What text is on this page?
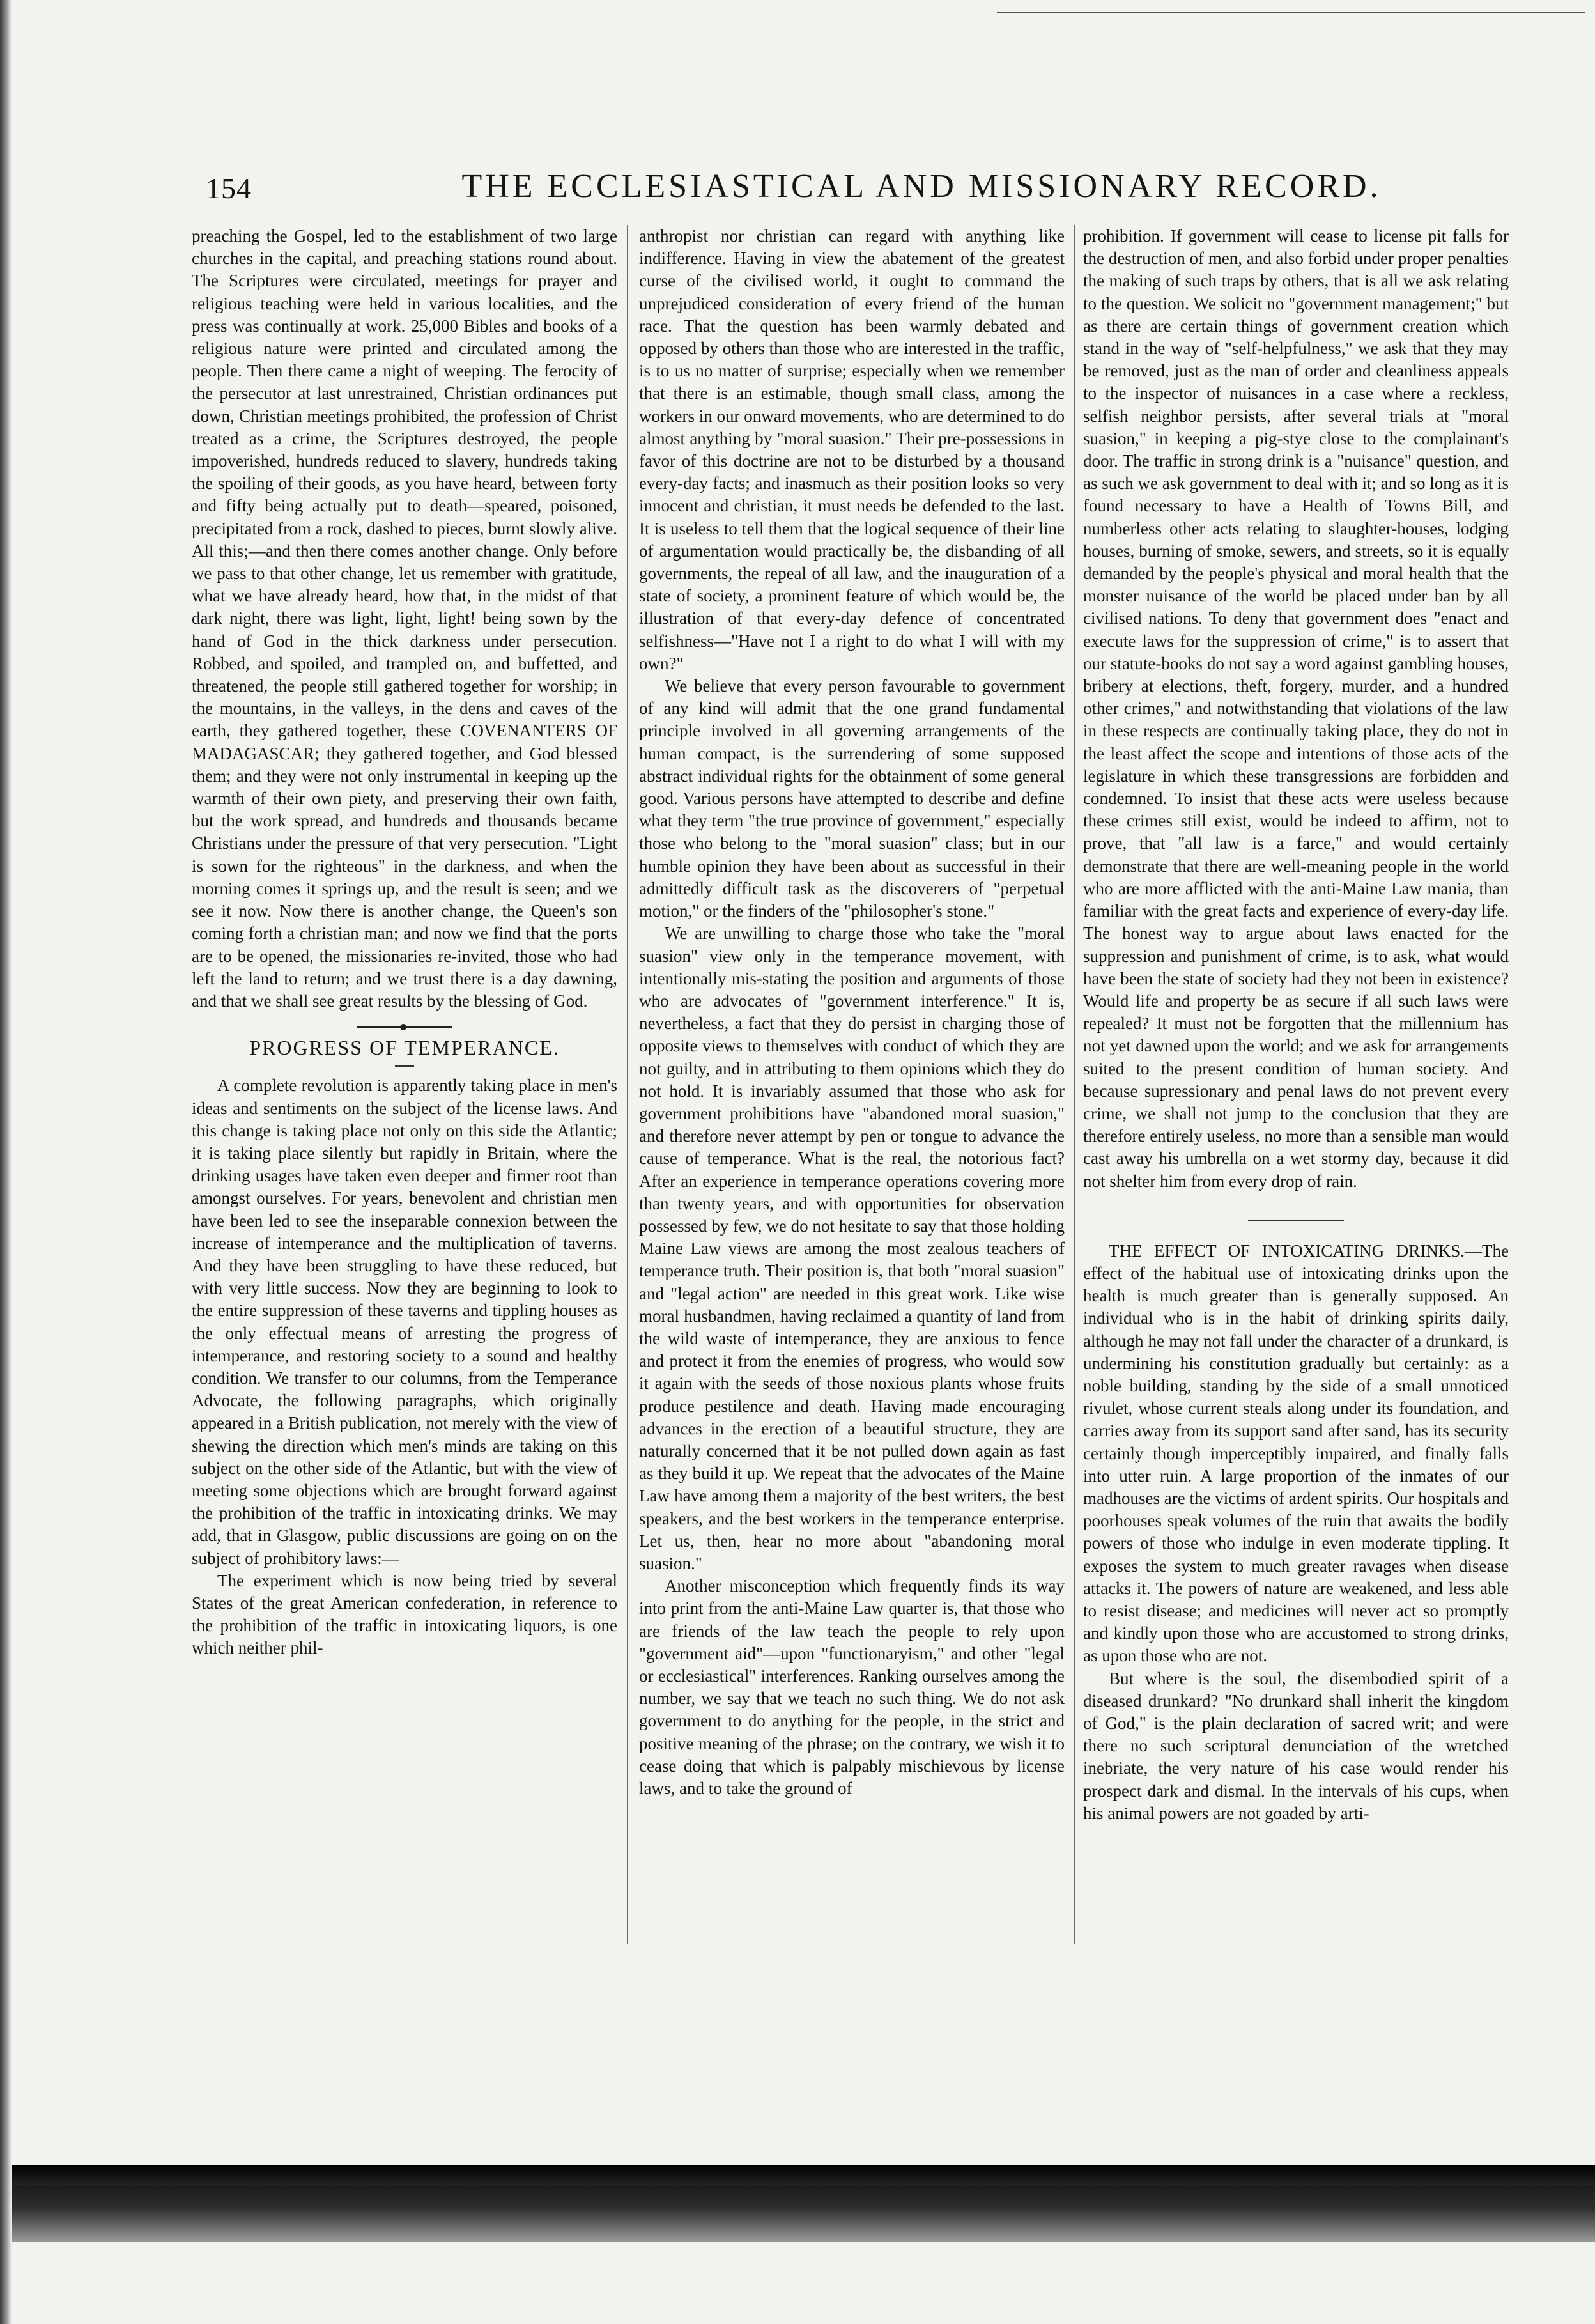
154	THE ECCLESIASTICAL AND MISSIONARY RECORD.

preaching the Gospel, led to the establishment of two large churches in the capital, and preaching stations round about. The Scriptures were circulated, meetings for prayer and religious teaching were held in various localities, and the press was continually at work. 25,000 Bibles and books of a religious nature were printed and circulated among the people. Then there came a night of weeping. The ferocity of the persecutor at last unrestrained, Christian ordinances put down, Christian meetings prohibited, the profession of Christ treated as a crime, the Scriptures destroyed, the people impoverished, hundreds reduced to slavery, hundreds taking the spoiling of their goods, as you have heard, between forty and fifty being actually put to death—speared, poisoned, precipitated from a rock, dashed to pieces, burnt slowly alive. All this;—and then there comes another change. Only before we pass to that other change, let us remember with gratitude, what we have already heard, how that, in the midst of that dark night, there was light, light, light! being sown by the hand of God in the thick darkness under persecution. Robbed, and spoiled, and trampled on, and buffetted, and threatened, the people still gathered together for worship; in the mountains, in the valleys, in the dens and caves of the earth, they gathered together, these COVENANTERS OF MADAGASCAR; they gathered together, and God blessed them; and they were not only instrumental in keeping up the warmth of their own piety, and preserving their own faith, but the work spread, and hundreds and thousands became Christians under the pressure of that very persecution. "Light is sown for the righteous" in the darkness, and when the morning comes it springs up, and the result is seen; and we see it now. Now there is another change, the Queen's son coming forth a christian man; and now we find that the ports are to be opened, the missionaries re-invited, those who had left the land to return; and we trust there is a day dawning, and that we shall see great results by the blessing of God.

PROGRESS OF TEMPERANCE.

A complete revolution is apparently taking place in men's ideas and sentiments on the subject of the license laws. And this change is taking place not only on this side the Atlantic; it is taking place silently but rapidly in Britain, where the drinking usages have taken even deeper and firmer root than amongst ourselves. For years, benevolent and christian men have been led to see the inseparable connexion between the increase of intemperance and the multiplication of taverns. And they have been struggling to have these reduced, but with very little success. Now they are beginning to look to the entire suppression of these taverns and tippling houses as the only effectual means of arresting the progress of intemperance, and restoring society to a sound and healthy condition. We transfer to our columns, from the Temperance Advocate, the following paragraphs, which originally appeared in a British publication, not merely with the view of shewing the direction which men's minds are taking on this subject on the other side of the Atlantic, but with the view of meeting some objections which are brought forward against the prohibition of the traffic in intoxicating drinks. We may add, that in Glasgow, public discussions are going on on the subject of prohibitory laws:—

The experiment which is now being tried by several States of the great American confederation, in reference to the prohibition of the traffic in intoxicating liquors, is one which neither phil-

anthropist nor christian can regard with anything like indifference. Having in view the abatement of the greatest curse of the civilised world, it ought to command the unprejudiced consideration of every friend of the human race. That the question has been warmly debated and opposed by others than those who are interested in the traffic, is to us no matter of surprise; especially when we remember that there is an estimable, though small class, among the workers in our onward movements, who are determined to do almost anything by "moral suasion." Their pre-possessions in favor of this doctrine are not to be disturbed by a thousand every-day facts; and inasmuch as their position looks so very innocent and christian, it must needs be defended to the last. It is useless to tell them that the logical sequence of their line of argumentation would practically be, the disbanding of all governments, the repeal of all law, and the inauguration of a state of society, a prominent feature of which would be, the illustration of that every-day defence of concentrated selfishness—"Have not I a right to do what I will with my own?"

We believe that every person favourable to government of any kind will admit that the one grand fundamental principle involved in all governing arrangements of the human compact, is the surrendering of some supposed abstract individual rights for the obtainment of some general good. Various persons have attempted to describe and define what they term "the true province of government," especially those who belong to the "moral suasion" class; but in our humble opinion they have been about as successful in their admittedly difficult task as the discoverers of "perpetual motion," or the finders of the "philosopher's stone."

We are unwilling to charge those who take the "moral suasion" view only in the temperance movement, with intentionally mis-stating the position and arguments of those who are advocates of "government interference." It is, nevertheless, a fact that they do persist in charging those of opposite views to themselves with conduct of which they are not guilty, and in attributing to them opinions which they do not hold. It is invariably assumed that those who ask for government prohibitions have "abandoned moral suasion," and therefore never attempt by pen or tongue to advance the cause of temperance. What is the real, the notorious fact? After an experience in temperance operations covering more than twenty years, and with opportunities for observation possessed by few, we do not hesitate to say that those holding Maine Law views are among the most zealous teachers of temperance truth. Their position is, that both "moral suasion" and "legal action" are needed in this great work. Like wise moral husbandmen, having reclaimed a quantity of land from the wild waste of intemperance, they are anxious to fence and protect it from the enemies of progress, who would sow it again with the seeds of those noxious plants whose fruits produce pestilence and death. Having made encouraging advances in the erection of a beautiful structure, they are naturally concerned that it be not pulled down again as fast as they build it up. We repeat that the advocates of the Maine Law have among them a majority of the best writers, the best speakers, and the best workers in the temperance enterprise. Let us, then, hear no more about "abandoning moral suasion."

Another misconception which frequently finds its way into print from the anti-Maine Law quarter is, that those who are friends of the law teach the people to rely upon "government aid"—upon "functionaryism," and other "legal or ecclesiastical" interferences. Ranking ourselves among the number, we say that we teach no such thing. We do not ask government to do anything for the people, in the strict and positive meaning of the phrase; on the contrary, we wish it to cease doing that which is palpably mischievous by license laws, and to take the ground of

prohibition. If government will cease to license pit falls for the destruction of men, and also forbid under proper penalties the making of such traps by others, that is all we ask relating to the question. We solicit no "government management;" but as there are certain things of government creation which stand in the way of "self-helpfulness," we ask that they may be removed, just as the man of order and cleanliness appeals to the inspector of nuisances in a case where a reckless, selfish neighbor persists, after several trials at "moral suasion," in keeping a pig-stye close to the complainant's door. The traffic in strong drink is a "nuisance" question, and as such we ask government to deal with it; and so long as it is found necessary to have a Health of Towns Bill, and numberless other acts relating to slaughter-houses, lodging houses, burning of smoke, sewers, and streets, so it is equally demanded by the people's physical and moral health that the monster nuisance of the world be placed under ban by all civilised nations. To deny that government does "enact and execute laws for the suppression of crime," is to assert that our statute-books do not say a word against gambling houses, bribery at elections, theft, forgery, murder, and a hundred other crimes," and notwithstanding that violations of the law in these respects are continually taking place, they do not in the least affect the scope and intentions of those acts of the legislature in which these transgressions are forbidden and condemned. To insist that these acts were useless because these crimes still exist, would be indeed to affirm, not to prove, that "all law is a farce," and would certainly demonstrate that there are well-meaning people in the world who are more afflicted with the anti-Maine Law mania, than familiar with the great facts and experience of every-day life. The honest way to argue about laws enacted for the suppression and punishment of crime, is to ask, what would have been the state of society had they not been in existence? Would life and property be as secure if all such laws were repealed? It must not be forgotten that the millennium has not yet dawned upon the world; and we ask for arrangements suited to the present condition of human society. And because supressionary and penal laws do not prevent every crime, we shall not jump to the conclusion that they are therefore entirely useless, no more than a sensible man would cast away his umbrella on a wet stormy day, because it did not shelter him from every drop of rain.

THE EFFECT OF INTOXICATING DRINKS.—The effect of the habitual use of intoxicating drinks upon the health is much greater than is generally supposed. An individual who is in the habit of drinking spirits daily, although he may not fall under the character of a drunkard, is undermining his constitution gradually but certainly: as a noble building, standing by the side of a small unnoticed rivulet, whose current steals along under its foundation, and carries away from its support sand after sand, has its security certainly though imperceptibly impaired, and finally falls into utter ruin. A large proportion of the inmates of our madhouses are the victims of ardent spirits. Our hospitals and poorhouses speak volumes of the ruin that awaits the bodily powers of those who indulge in even moderate tippling. It exposes the system to much greater ravages when disease attacks it. The powers of nature are weakened, and less able to resist disease; and medicines will never act so promptly and kindly upon those who are accustomed to strong drinks, as upon those who are not.

But where is the soul, the disembodied spirit of a diseased drunkard? "No drunkard shall inherit the kingdom of God," is the plain declaration of sacred writ; and were there no such scriptural denunciation of the wretched inebriate, the very nature of his case would render his prospect dark and dismal. In the intervals of his cups, when his animal powers are not goaded by arti-
